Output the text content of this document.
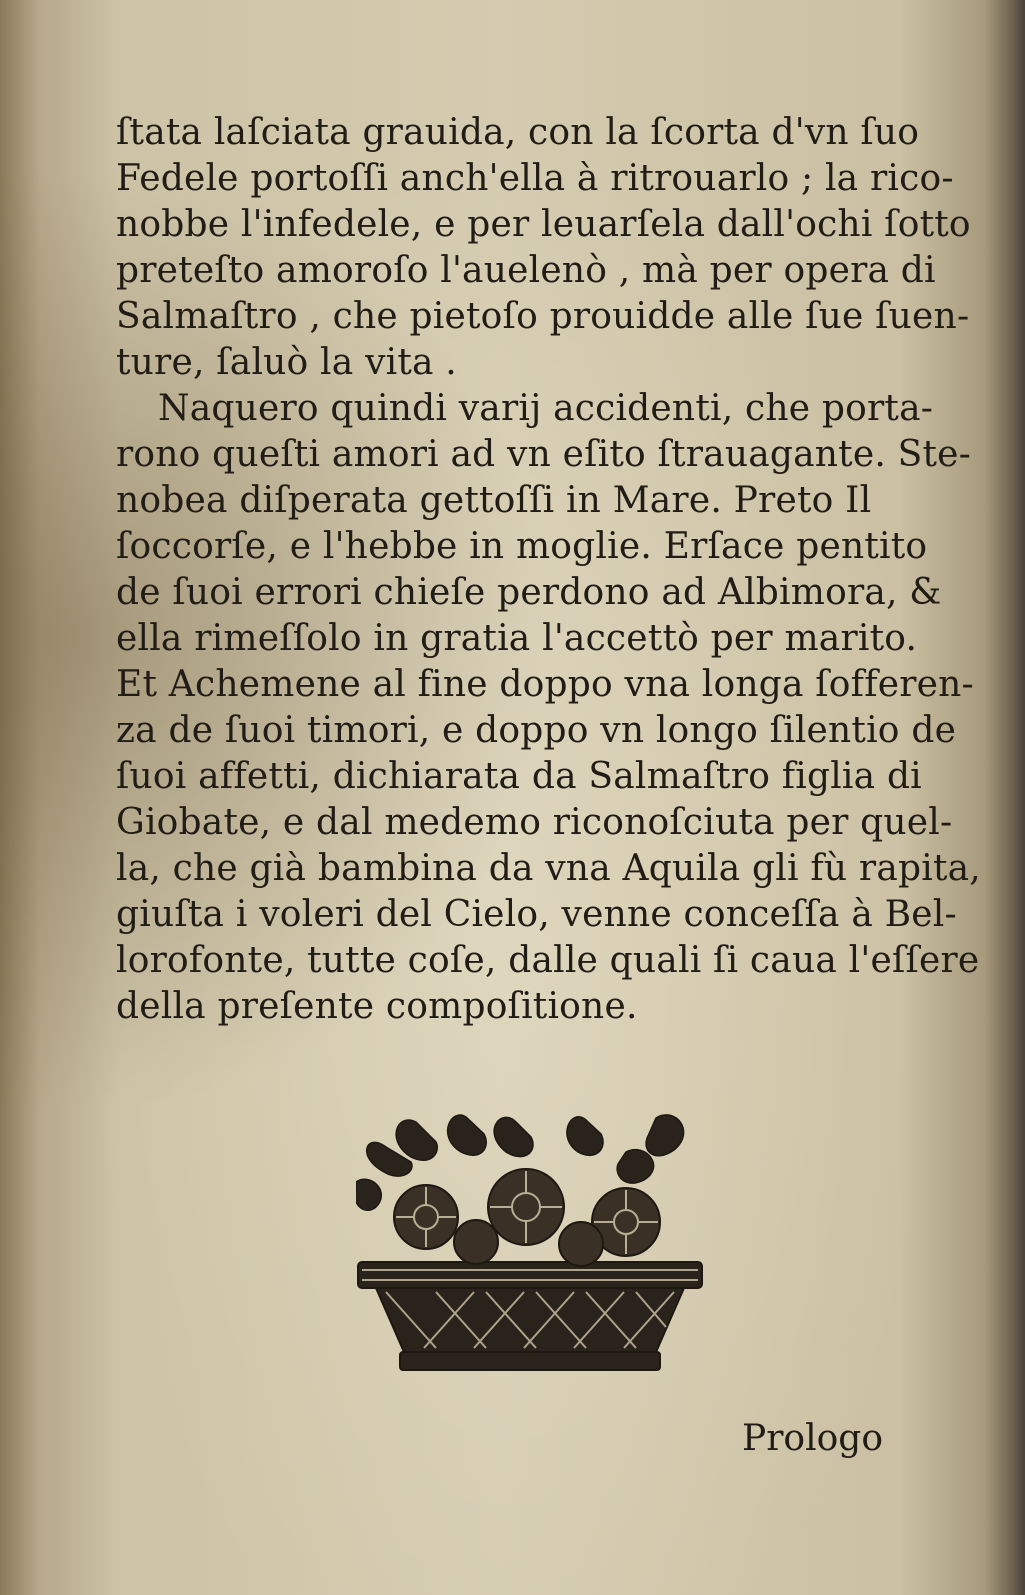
ſtata laſciata grauida, con la ſcorta d'vn ſuo
Fedele portoſſi anch'ella à ritrouarlo ; la rico-
nobbe l'infedele, e per leuarſela dall'ochi ſotto
preteſto amoroſo l'auelenò , mà per opera di
Salmaſtro , che pietoſo prouidde alle ſue ſuen-
ture, ſaluò la vita .
Naquero quindi varij accidenti, che porta-
rono queſti amori ad vn eſito ſtrauagante. Ste-
nobea diſperata gettoſſi in Mare. Preto Il
ſoccorſe, e l'hebbe in moglie. Erſace pentito
de ſuoi errori chieſe perdono ad Albimora, &
ella rimeſſolo in gratia l'accettò per marito.
Et Achemene al fine doppo vna longa ſofferen-
za de ſuoi timori, e doppo vn longo ſilentio de
ſuoi affetti, dichiarata da Salmaſtro figlia di
Giobate, e dal medemo riconoſciuta per quel-
la, che già bambina da vna Aquila gli fù rapita,
giuſta i voleri del Cielo, venne conceſſa à Bel-
lorofonte, tutte coſe, dalle quali ſi caua l'eſſere
della preſente compoſitione.
Prologo
